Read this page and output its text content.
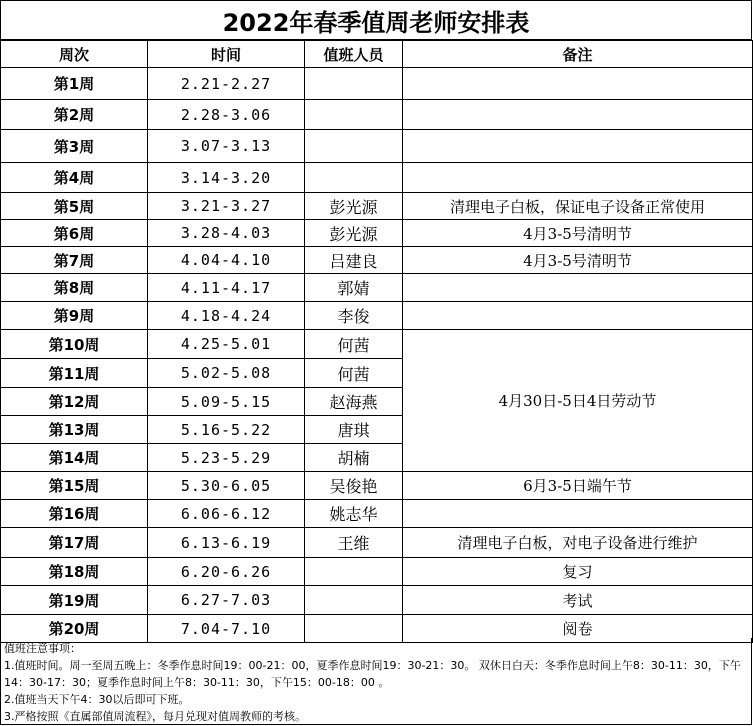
2022年春季值周老师安排表
周次	时间	值班人员	备注
第1周	2.21-2.27		
第2周	2.28-3.06		
第3周	3.07-3.13		
第4周	3.14-3.20		
第5周	3.21-3.27	彭光源	清理电子白板，保证电子设备正常使用
第6周	3.28-4.03	彭光源	4月3-5号清明节
第7周	4.04-4.10	吕建良	4月3-5号清明节
第8周	4.11-4.17	郭婧	
第9周	4.18-4.24	李俊	
第10周	4.25-5.01	何茜	4月30日-5日4日劳动节
第11周	5.02-5.08	何茜	
第12周	5.09-5.15	赵海燕	
第13周	5.16-5.22	唐琪	
第14周	5.23-5.29	胡楠	
第15周	5.30-6.05	吴俊艳	6月3-5日端午节
第16周	6.06-6.12	姚志华	
第17周	6.13-6.19	王维	清理电子白板，对电子设备进行维护
第18周	6.20-6.26		复习
第19周	6.27-7.03		考试
第20周	7.04-7.10		阅卷
值班注意事项：
1.值班时间。周一至周五晚上：冬季作息时间19：00-21：00，夏季作息时间19：30-21：30。 双休日白天：冬季作息时间上午8：30-11：30，下午14：30-17：30；夏季作息时间上午8：30-11：30，下午15：00-18：00 。
2.值班当天下午4：30以后即可下班。
3.严格按照《直属部值周流程》，每月兑现对值周教师的考核。
